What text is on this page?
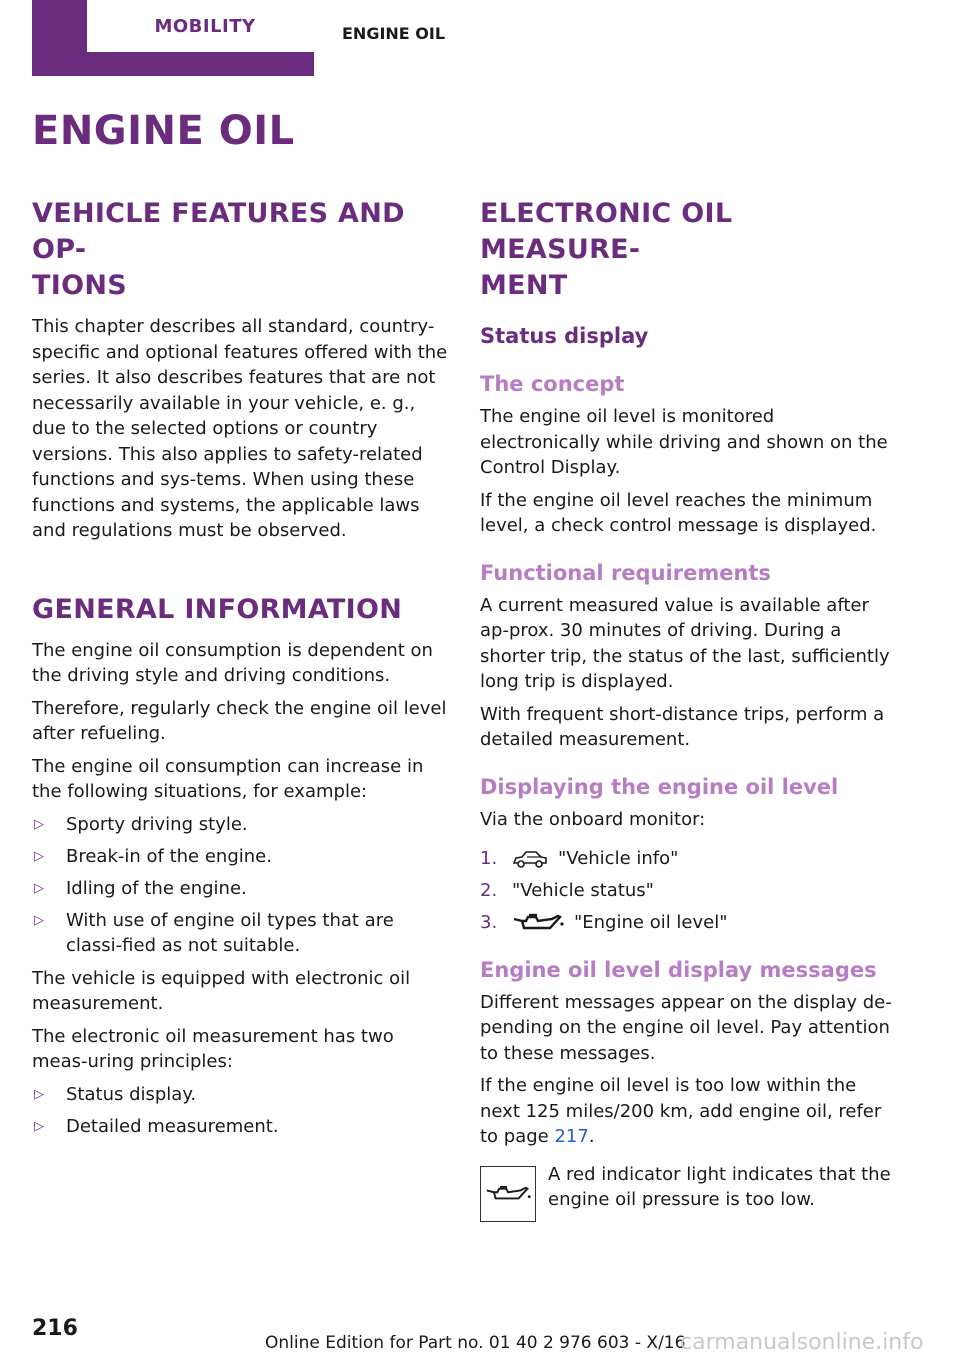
MOBILITY	ENGINE OIL
ENGINE OIL
VEHICLE FEATURES AND OP-
TIONS

This chapter describes all standard, country-specific and optional features offered with the series. It also describes features that are not necessarily available in your vehicle, e. g., due to the selected options or country versions. This also applies to safety-related functions and sys-tems. When using these functions and systems, the applicable laws and regulations must be observed.

GENERAL INFORMATION

The engine oil consumption is dependent on the driving style and driving conditions.

Therefore, regularly check the engine oil level after refueling.

The engine oil consumption can increase in the following situations, for example:

▷ Sporty driving style.
▷ Break-in of the engine.
▷ Idling of the engine.
▷ With use of engine oil types that are classi-fied as not suitable.

The vehicle is equipped with electronic oil measurement.

The electronic oil measurement has two meas-uring principles:

▷ Status display.
▷ Detailed measurement.
ELECTRONIC OIL MEASURE-
MENT
Status display
The concept

The engine oil level is monitored electronically while driving and shown on the Control Display.

If the engine oil level reaches the minimum level, a check control message is displayed.

Functional requirements

A current measured value is available after ap-prox. 30 minutes of driving. During a shorter trip, the status of the last, sufficiently long trip is displayed.

With frequent short-distance trips, perform a detailed measurement.

Displaying the engine oil level

Via the onboard monitor:

1.	"Vehicle info"
2. "Vehicle status"
3.	"Engine oil level"
Engine oil level display messages

Different messages appear on the display de-pending on the engine oil level. Pay attention to these messages.

If the engine oil level is too low within the next 125 miles/200 km, add engine oil, refer to page 217.

A red indicator light indicates that the engine oil pressure is too low.
216
Online Edition for Part no. 01 40 2 976 603 - X/16
carmanualsonline.info
